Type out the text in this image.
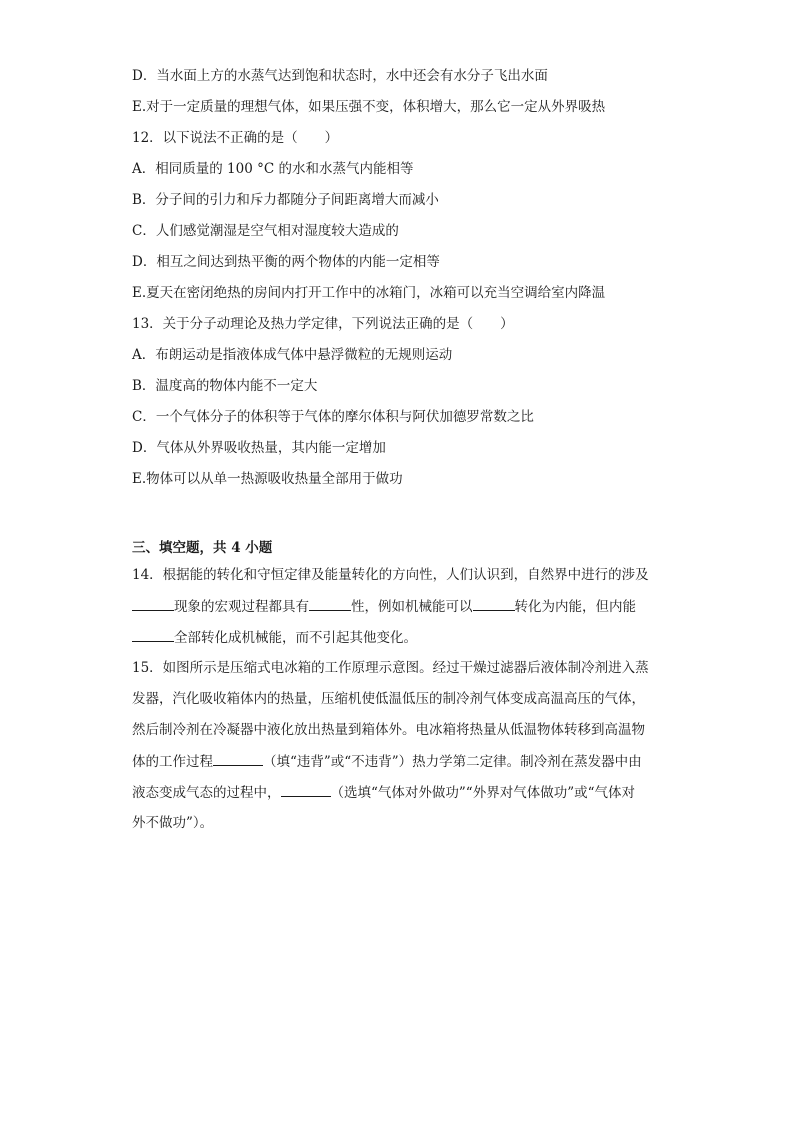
D．当水面上方的水蒸气达到饱和状态时，水中还会有水分子飞出水面
E.对于一定质量的理想气体，如果压强不变，体积增大，那么它一定从外界吸热
12．以下说法不正确的是（　　）
A．相同质量的 100 °C 的水和水蒸气内能相等
B．分子间的引力和斥力都随分子间距离增大而减小
C．人们感觉潮湿是空气相对湿度较大造成的
D．相互之间达到热平衡的两个物体的内能一定相等
E.夏天在密闭绝热的房间内打开工作中的冰箱门，冰箱可以充当空调给室内降温
13．关于分子动理论及热力学定律，下列说法正确的是（　　）
A．布朗运动是指液体成气体中悬浮微粒的无规则运动
B．温度高的物体内能不一定大
C．一个气体分子的体积等于气体的摩尔体积与阿伏加德罗常数之比
D．气体从外界吸收热量，其内能一定增加
E.物体可以从单一热源吸收热量全部用于做功
三、填空题，共 4 小题
14．根据能的转化和守恒定律及能量转化的方向性，人们认识到，自然界中进行的涉及
现象的宏观过程都具有	性，例如机械能可以	转化为内能，但内能
全部转化成机械能，而不引起其他变化。
15．如图所示是压缩式电冰箱的工作原理示意图。经过干燥过滤器后液体制冷剂进入蒸
发器，汽化吸收箱体内的热量，压缩机使低温低压的制冷剂气体变成高温高压的气体，
然后制冷剂在冷凝器中液化放出热量到箱体外。电冰箱将热量从低温物体转移到高温物
体的工作过程	（填“违背”或“不违背”）热力学第二定律。制冷剂在蒸发器中由
液态变成气态的过程中，	（选填“气体对外做功”“外界对气体做功”或“气体对
外不做功”）。
